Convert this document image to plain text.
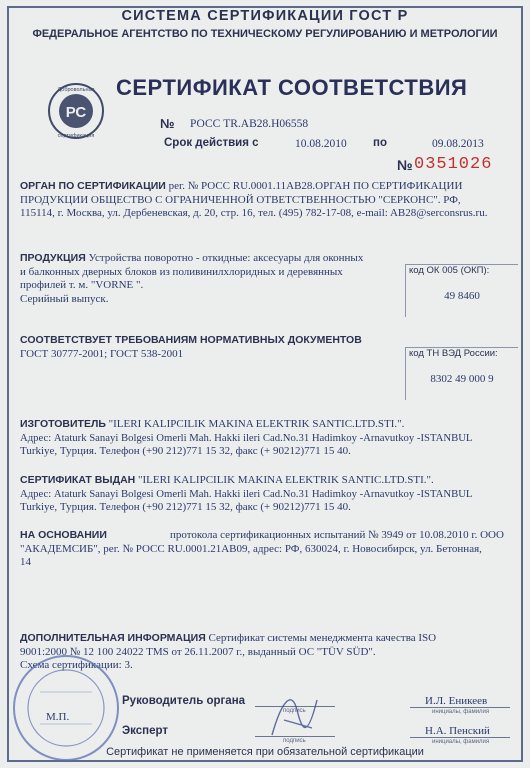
СИСТЕМА СЕРТИФИКАЦИИ ГОСТ Р
ФЕДЕРАЛЬНОЕ АГЕНТСТВО ПО ТЕХНИЧЕСКОМУ РЕГУЛИРОВАНИЮ И МЕТРОЛОГИИ
РС
Добровольная
сертификация
СЕРТИФИКАТ СООТВЕТСТВИЯ
№ РОСС TR.AB28.H06558
Срок действия с	10.08.2010 по	09.08.2013
№ 0351026
ОРГАН ПО СЕРТИФИКАЦИИ рег. № РОСС RU.0001.11AB28.ОРГАН ПО СЕРТИФИКАЦИИ
ПРОДУКЦИИ ОБЩЕСТВО С ОГРАНИЧЕННОЙ ОТВЕТСТВЕННОСТЬЮ "СЕРКОНС". РФ,
115114, г. Москва, ул. Дербеневская, д. 20, стр. 16, тел. (495) 782-17-08, e-mail: AB28@serconsrus.ru.
ПРОДУКЦИЯ Устройства поворотно - откидные: аксесуары для оконных
и балконных дверных блоков из поливинилхлоридных и деревянных
профилей т. м. "VORNE ".
Серийный выпуск.
код ОК 005 (ОКП):
49 8460
СООТВЕТСТВУЕТ ТРЕБОВАНИЯМ НОРМАТИВНЫХ ДОКУМЕНТОВ
ГОСТ 30777-2001; ГОСТ 538-2001	код ТН ВЭД России:
8302 49 000 9
ИЗГОТОВИТЕЛЬ "ILERI KALIPCILIK MAKINA ELEKTRIK SANTIC.LTD.STI.".
Адрес: Ataturk Sanayi Bolgesi Omerli Mah. Hakki ileri Cad.No.31 Hadimkoy -Arnavutkoy -ISTANBUL
Turkiye, Турция. Телефон (+90 212)771 15 32, факс (+ 90212)771 15 40.
СЕРТИФИКАТ ВЫДАН "ILERI KALIPCILIK MAKINA ELEKTRIK SANTIC.LTD.STI.".
Адрес: Ataturk Sanayi Bolgesi Omerli Mah. Hakki ileri Cad.No.31 Hadimkoy -Arnavutkoy -ISTANBUL
Turkiye, Турция. Телефон (+90 212)771 15 32, факс (+ 90212)771 15 40.
НА ОСНОВАНИИ	протокола сертификационных испытаний № 3949 от 10.08.2010 г. ООО

"АКАДЕМСИБ", рег. № РОСС RU.0001.21AB09, адрес: РФ, 630024, г. Новосибирск, ул. Бетонная,
14
ДОПОЛНИТЕЛЬНАЯ ИНФОРМАЦИЯ Сертификат системы менеджмента качества ISO
9001:2000 № 12 100 24022 TMS от 26.11.2007 г., выданный ОС "TÜV SÜD".
Схема сертификации: 3.
М.П.
Руководитель органа
подпись
И.Л. Еникеев
инициалы, фамилия
Эксперт
подпись
Н.А. Пенский
инициалы, фамилия
Сертификат не применяется при обязательной сертификации
